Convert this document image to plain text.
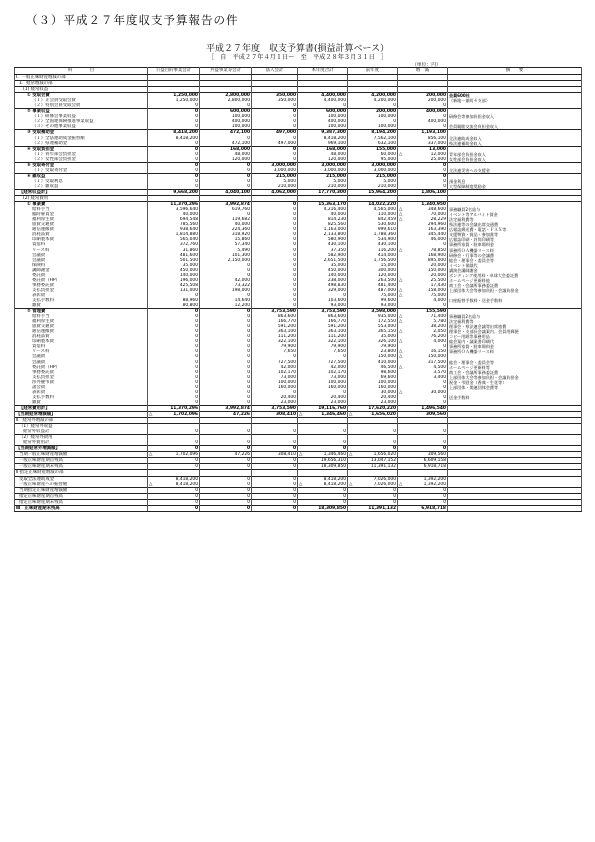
（３）平成２７年度収支予算報告の件
平成２７年度　収支予算書(損益計算ベース）
［　自　平成２７年４月１日～　至　平成２８年３月３１日　］
（単位：円）
科　　　　目	公益目的事業会計	共益事業等会計	法人会計	本年度合計	前年度	増　減	摘　　要
Ⅰ．一般正味財産増減の部							
1．経常増減の部							
(1) 経常収益							
① 受取会費	1,250,000	2,800,000	350,000	4,400,000	4,200,000	200,000	会員600社
（１）正会員受取会費	1,250,000	2,800,000	350,000	4,400,000	4,200,000	200,000	（新地ー兼町４支部）
（２）特別会員受取会費	0	0	0	0	0	0	
② 事業収益	0	600,000	0	600,000	200,000	400,000	
（１）研修会事業収益	0	100,000	0	100,000	100,000	0	研修会等参加負担金収入
（２）全国連保険推進事業収益	0	400,000	0	400,000	0	400,000	
（３）その他事業収益	0	100,000	0	100,000	100,000	0	会員親睦交流会負担金収入
③ 受取補助金	8,418,200	472,100	497,000	9,387,300	8,194,200	1,193,100	
（１）全法連助成金振替額	8,418,200	0	0	8,418,200	7,562,100	856,100	全法連助成金収入
（２）県連補助金	0	472,100	497,000	969,100	632,100	337,000	県法連補助金収入
④ 受取負担金	0	168,000	0	168,000	155,000	13,000	
（１）青年部会負担金	0	48,000	0	48,000	60,000	△ 12,000	青年部会負担金収入
（２）女性部会負担金	0	120,000	0	120,000	95,000	25,000	女性部会負担金収入
⑤ 受取寄付金	0	0	3,000,000	3,000,000	3,000,000	0	
（１）受取寄付金	0	0	3,000,000	3,000,000	3,000,000	0	全法連災害への支援金
⑥ 雑収益	0	0	215,000	215,000	215,000	0	
（１）受取利息	0	0	5,000	5,000	5,000	0	預金利息
（２）雑収益	0	0	210,000	210,000	210,000	0	大型保障制度奨励金
【経常収益計】	9,668,200	4,040,100	4,062,000	17,770,300	15,964,200	1,806,100	
(2) 経常費用							
① 事業費	11,370,296	3,992,874	0	15,363,170	14,022,220	1,340,950	
給料手当	3,596,640	619,760	0	4,216,400	4,565,000	△ 348,600	事務職員2名給与
臨時雇賃金	40,000	0	0	40,000	110,000	△ 70,000	イベント等アルバイト賃金
福利厚生費	694,548	119,682	0	814,230	842,459	△ 28,229	法定福利費等
旅費交通費	785,560	40,000	0	825,560	530,600	294,960	県法連等の会議出席交通費
通信運搬費	938,640	224,360	0	1,163,000	999,610	163,390	広報誌郵送費・電話・ＦＡＸ等
消耗品費	1,814,880	318,920	0	2,133,800	1,788,360	345,440	支援物資・賞品・参加賞等
印刷製本費	565,040	15,860	0	580,900	534,900	46,000	広報誌印刷・封筒印刷等
賃借料	372,760	57,340	0	430,100	430,100	0	事務所家賃・駐車場料金
リース料	31,860	5,490	0	37,350	116,200	△ 78,850	事務所ＯＡ機器リース料
会議費	481,600	101,300	0	582,900	414,000	168,900	研修会・行事等の会議費
会議費	501,500	2,150,000	0	2,651,500	1,756,500	895,000	総会・理事会・委員会等
保険料	35,000	0	0	35,000	15,000	20,000	イベント保険代
講師謝金	450,000	0	0	450,000	300,000	150,000	講演会講師謝金
委託費	140,000	0	0	140,000	120,000	20,000	ボンディング使用料・卓球大会委託費
委託費（HP）	196,000	42,000	0	238,000	263,500	△ 25,500	ホームページ更新料他
事務委託費	425,508	73,322	0	498,830	481,400	17,430	商工会・会議所事務委託費
支払負担金	131,000	198,000	0	329,000	487,000	△ 158,000	上部団体大会等参加負担・会議負担金
表彰費	0	0	0	0	75,000	△ 75,000	
支払手数料	88,960	14,640	0	103,600	99,600	4,000	口座振替手数料・送金手数料
雑費	80,800	12,200	0	93,000	93,000	0	
② 管理費	0	0	3,753,590	3,753,590	3,598,000	155,590	
給料手当	0	0	863,600	863,600	935,000	△ 71,400	事務職員2名給与
福利厚生費	0	0	166,770	166,770	172,550	△ 5,780	法定福利費等
旅費交通費	0	0	591,200	591,200	553,000	38,200	理事会・県法連会議等出席旅費
通信運搬費	0	0	363,100	363,100	365,150	△ 2,050	理事会・支部長会議案内、会員用郵便
消耗品費	0	0	111,200	111,200	35,000	76,200	コピー用紙等事務用品
印刷製本費	0	0	322,100	322,100	326,100	△ 4,000	総会案内・議案書印刷代
賃借料	0	0	79,900	79,900	79,900	0	事務所家賃・駐車場料金
リース料	0	0	7,650	7,650	23,800	△ 16,150	事務所ＯＡ機器リース料
会議費	0	0	0	0	150,000	△ 150,000	
会議費	0	0	727,500	727,500	410,000	317,500	総会・理事会・委員会等
委託費（HP）	0	0	42,000	42,000	46,500	△ 4,500	ホームページ更新料等
事務委託費	0	0	102,170	102,170	98,600	3,570	商工会・会議所事務委託費
支払負担金	0	0	73,000	73,000	69,600	3,400	上部団体大会等参加負担・会議負担金
渉外慶弔費	0	0	100,000	100,000	100,000	0	祝金・弔慰金（香典・生花等）
諸会費	0	0	160,000	160,000	160,000	0	上部団体・関連団体会費等
表彰費	0	0	0	0	30,000	△ 30,000	
支払手数料	0	0	20,400	20,400	20,400	0	送金手数料
雑費	0	0	23,000	23,000	23,000	0	
【経常費用計】	11,370,296	3,992,874	3,753,590	19,116,760	17,620,220	1,496,540	
【当期経常増減額】	△ 1,702,096	47,226	308,410	△ 1,346,460	△ 1,656,020	309,560	
Ⅱ．経常外増減の部							
（1）経常外収益							
経常外収益計	0	0	0	0	0	0	
（2）経常外費用							
経常外費用計	0	0	0	0	0	0	
【当期経常外増減額】	0	0	0	0	0	0	
当期一般正味財産増減額	△ 1,702,096	47,226	308,410	△ 1,346,460	△ 1,656,020	309,560	
一般正味財産期首残高	0	0	0	19,656,310	13,047,152	6,609,158	
一般正味財産期末残高	0	0	0	18,309,850	11,391,132	6,918,718	
Ⅱ 指定正味財産増減の部							
受取全法連助成金	8,418,200	0	0	8,418,200	7,026,000	1,392,200	
一般正味財産への振替額	△ 8,418,200	0	0	△ 8,418,200	△ 7,026,000	△ 1,392,200	
当期指定正味財産増減額	0	0	0	0	0	0	
指定正味財産期首残高	0	0	0	0	0	0	
指定正味財産期末残高	0	0	0	0	0	0	
Ⅲ　正味財産期末残高	0	0	0	18,309,850	11,391,132	6,918,718	
